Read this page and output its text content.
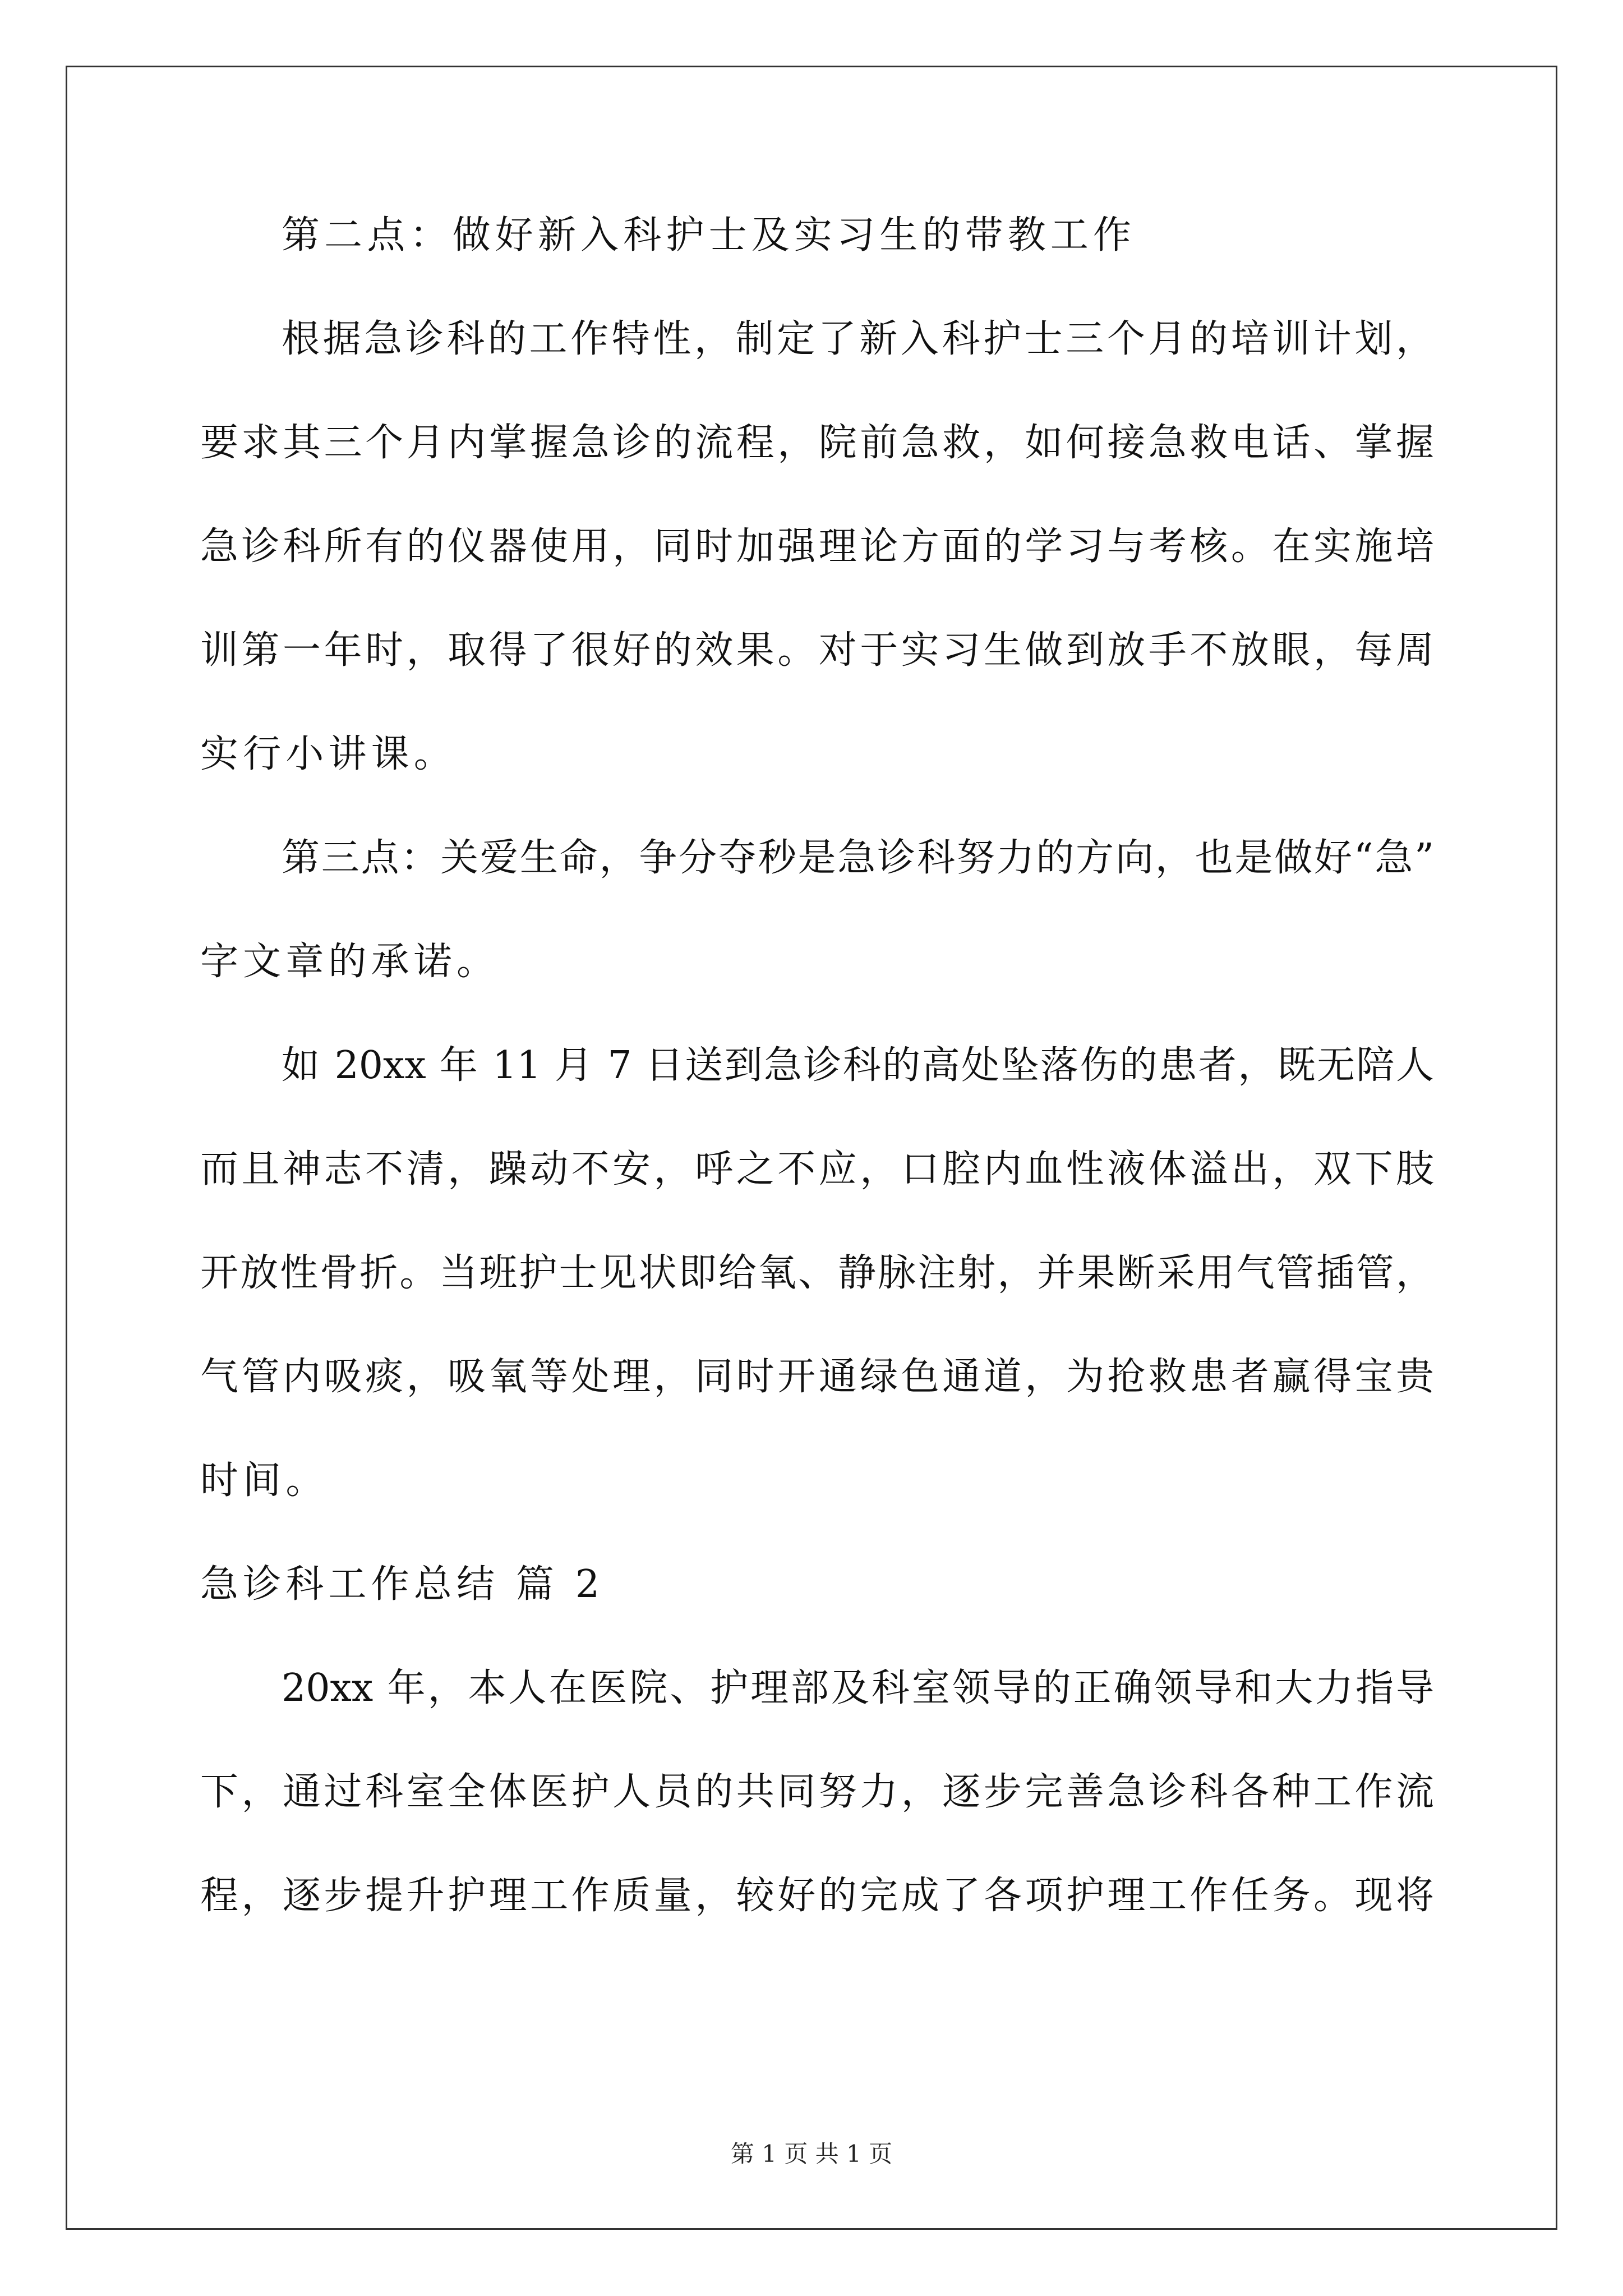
第二点：做好新入科护士及实习生的带教工作
根据急诊科的工作特性，制定了新入科护士三个月的培训计划，
要求其三个月内掌握急诊的流程，院前急救，如何接急救电话、掌握
急诊科所有的仪器使用，同时加强理论方面的学习与考核。在实施培
训第一年时，取得了很好的效果。对于实习生做到放手不放眼，每周
实行小讲课。
第三点：关爱生命，争分夺秒是急诊科努力的方向，也是做好“急”
字文章的承诺。
如 20xx 年 11 月 7 日送到急诊科的高处坠落伤的患者，既无陪人
而且神志不清，躁动不安，呼之不应，口腔内血性液体溢出，双下肢
开放性骨折。当班护士见状即给氧、静脉注射，并果断采用气管插管，
气管内吸痰，吸氧等处理，同时开通绿色通道，为抢救患者赢得宝贵
时间。
急诊科工作总结 篇 2
20xx 年，本人在医院、护理部及科室领导的正确领导和大力指导
下，通过科室全体医护人员的共同努力，逐步完善急诊科各种工作流
程，逐步提升护理工作质量，较好的完成了各项护理工作任务。现将
第 1 页 共 1 页
